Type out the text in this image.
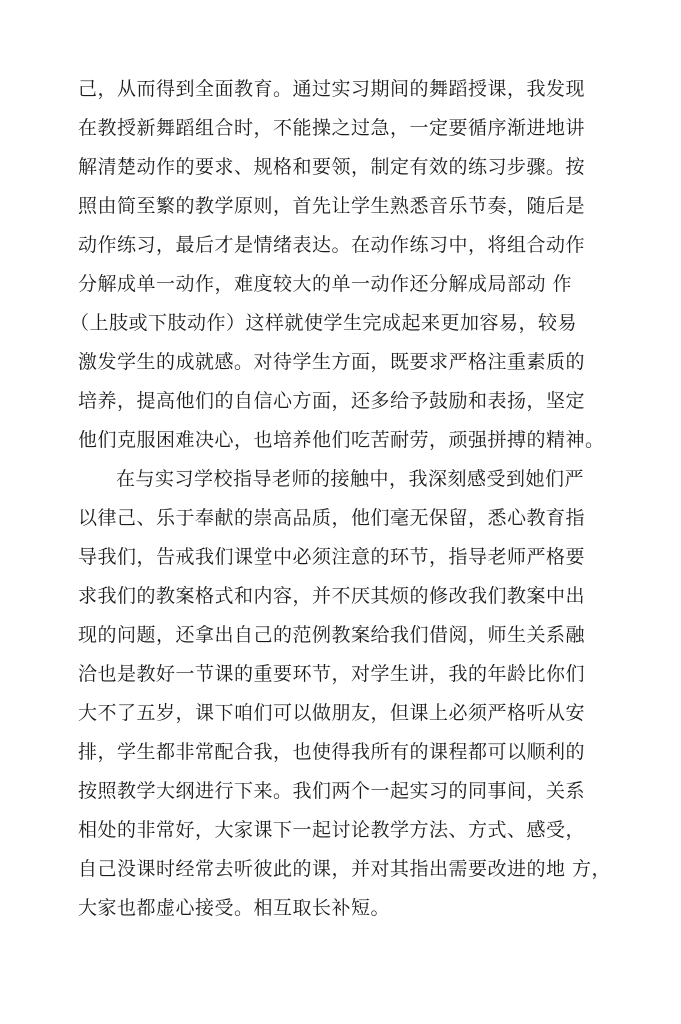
己，从而得到全面教育。通过实习期间的舞蹈授课，我发现
在教授新舞蹈组合时，不能操之过急，一定要循序渐进地讲
解清楚动作的要求、规格和要领，制定有效的练习步骤。按
照由简至繁的教学原则，首先让学生熟悉音乐节奏，随后是
动作练习，最后才是情绪表达。在动作练习中，将组合动作
分解成单一动作，难度较大的单一动作还分解成局部动 作
（上肢或下肢动作）这样就使学生完成起来更加容易，较易
激发学生的成就感。对待学生方面，既要求严格注重素质的
培养，提高他们的自信心方面，还多给予鼓励和表扬，坚定
他们克服困难决心，也培养他们吃苦耐劳，顽强拼搏的精神。
在与实习学校指导老师的接触中，我深刻感受到她们严
以律己、乐于奉献的崇高品质，他们毫无保留，悉心教育指
导我们，告戒我们课堂中必须注意的环节，指导老师严格要
求我们的教案格式和内容，并不厌其烦的修改我们教案中出
现的问题，还拿出自己的范例教案给我们借阅，师生关系融
洽也是教好一节课的重要环节，对学生讲，我的年龄比你们
大不了五岁，课下咱们可以做朋友，但课上必须严格听从安
排，学生都非常配合我，也使得我所有的课程都可以顺利的
按照教学大纲进行下来。我们两个一起实习的同事间，关系
相处的非常好，大家课下一起讨论教学方法、方式、感受，
自己没课时经常去听彼此的课，并对其指出需要改进的地 方，
大家也都虚心接受。相互取长补短。
